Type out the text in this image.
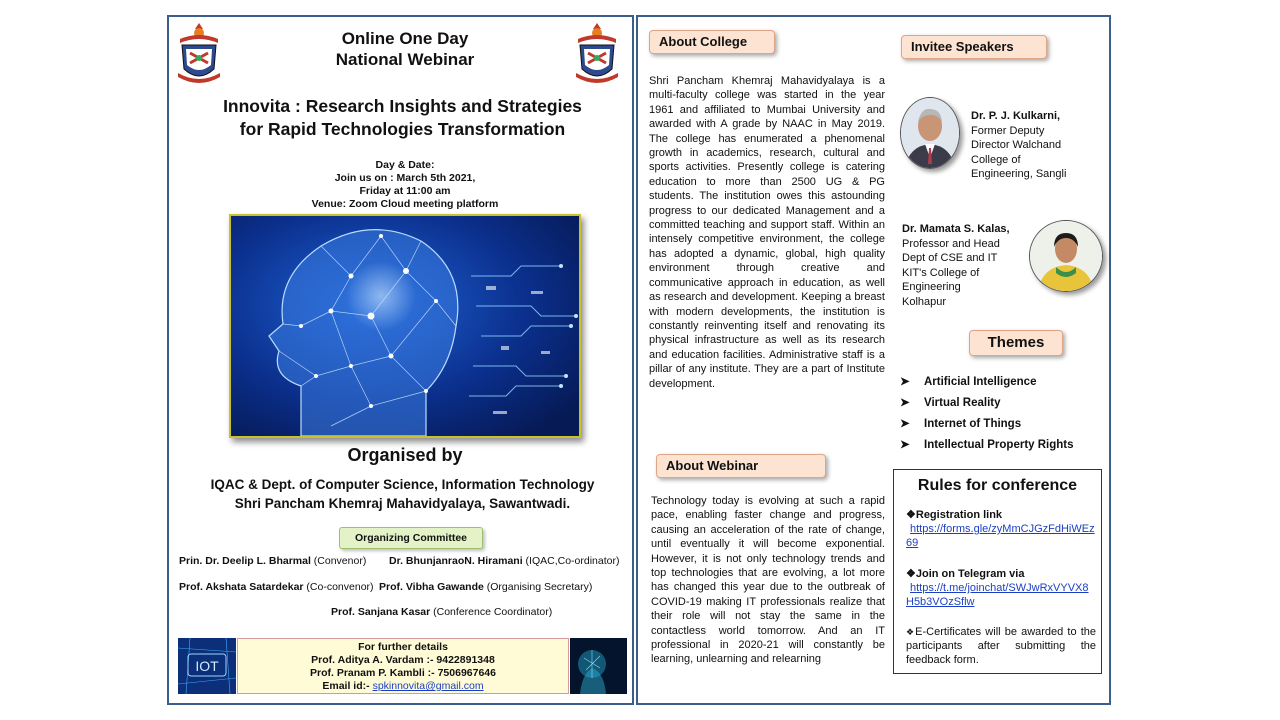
Online One Day
National Webinar
Innovita : Research Insights and Strategies
for Rapid Technologies Transformation
Day & Date:
Join us on : March 5th 2021,
Friday at 11:00 am
Venue: Zoom Cloud meeting platform
Organised by
IQAC & Dept. of Computer Science, Information Technology
Shri Pancham Khemraj Mahavidyalaya, Sawantwadi.
Organizing Committee
Prin. Dr. Deelip L. Bharmal (Convenor) Dr. BhunjanraoN. Hiramani (IQAC,Co-ordinator)
Prof. Akshata Satardekar (Co-convenor) Prof. Vibha Gawande (Organising Secretary)
Prof. Sanjana Kasar (Conference Coordinator)
IOT
For further details
Prof. Aditya A. Vardam :- 9422891348
Prof. Pranam P. Kambli :- 7506967646
Email id:- spkinnovita@gmail.com
About College
Shri Pancham Khemraj Mahavidyalaya is a multi-faculty college was started in the year 1961 and affiliated to Mumbai University and awarded with A grade by NAAC in May 2019. The college has enumerated a phenomenal growth in academics, research, cultural and sports activities. Presently college is catering education to more than 2500 UG & PG students. The institution owes this astounding progress to our dedicated Management and a committed teaching and support staff. Within an intensely competitive environment, the college has adopted a dynamic, global, high quality environment through creative and communicative approach in education, as well as research and development. Keeping a breast with modern developments, the institution is constantly reinventing itself and renovating its physical infrastructure as well as its research and education facilities. Administrative staff is a pillar of any institute. They are a part of Institute development.
About Webinar
Technology today is evolving at such a rapid pace, enabling faster change and progress, causing an acceleration of the rate of change, until eventually it will become exponential. However, it is not only technology trends and top technologies that are evolving, a lot more has changed this year due to the outbreak of COVID-19 making IT professionals realize that their role will not stay the same in the contactless world tomorrow. And an IT professional in 2020-21 will constantly be learning, unlearning and relearning
Invitee Speakers
Dr. P. J. Kulkarni,
Former Deputy
Director Walchand
College of
Engineering, Sangli
Dr. Mamata S. Kalas,
Professor and Head
Dept of CSE and IT
KIT's College of
Engineering
Kolhapur
Themes
➤ Artificial Intelligence
➤ Virtual Reality
➤ Internet of Things
➤ Intellectual Property Rights
Rules for conference
❖Registration link
https://forms.gle/zyMmCJGzFdHiWEz69
❖Join on Telegram via
https://t.me/joinchat/SWJwRxVYVX8H5b3VOzSflw
❖E-Certificates will be awarded to the participants after submitting the feedback form.
